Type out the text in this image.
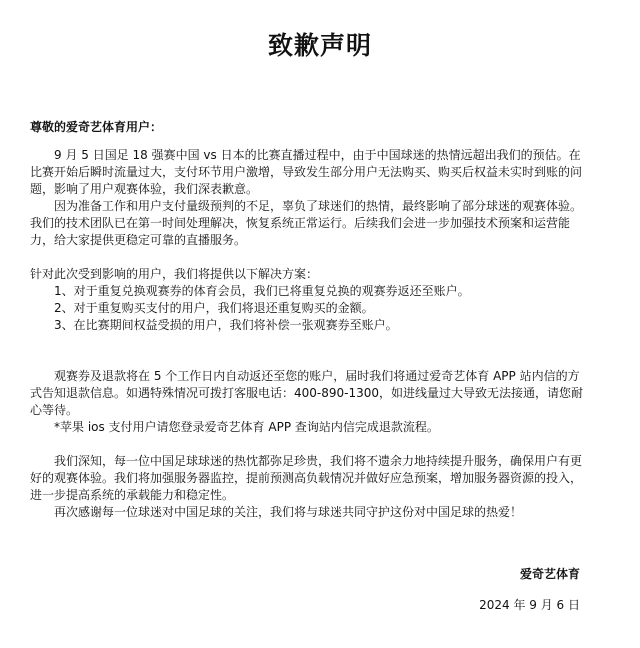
致歉声明

尊敬的爱奇艺体育用户：

9 月 5 日国足 18 强赛中国 vs 日本的比赛直播过程中，由于中国球迷的热情远超出我们的预估。在比赛开始后瞬时流量过大，支付环节用户激增，导致发生部分用户无法购买、购买后权益未实时到账的问题，影响了用户观赛体验，我们深表歉意。

因为准备工作和用户支付量级预判的不足，辜负了球迷们的热情，最终影响了部分球迷的观赛体验。我们的技术团队已在第一时间处理解决，恢复系统正常运行。后续我们会进一步加强技术预案和运营能力，给大家提供更稳定可靠的直播服务。

针对此次受到影响的用户，我们将提供以下解决方案：

1、对于重复兑换观赛券的体育会员，我们已将重复兑换的观赛券返还至账户。
2、对于重复购买支付的用户，我们将退还重复购买的金额。
3、在比赛期间权益受损的用户，我们将补偿一张观赛券至账户。

观赛券及退款将在 5 个工作日内自动返还至您的账户，届时我们将通过爱奇艺体育 APP 站内信的方式告知退款信息。如遇特殊情况可拨打客服电话：400-890-1300，如进线量过大导致无法接通，请您耐心等待。

*苹果 ios 支付用户请您登录爱奇艺体育 APP 查询站内信完成退款流程。

我们深知，每一位中国足球球迷的热忱都弥足珍贵，我们将不遗余力地持续提升服务，确保用户有更好的观赛体验。我们将加强服务器监控，提前预测高负载情况并做好应急预案，增加服务器资源的投入，进一步提高系统的承载能力和稳定性。

再次感谢每一位球迷对中国足球的关注，我们将与球迷共同守护这份对中国足球的热爱！

爱奇艺体育

2024 年 9 月 6 日
